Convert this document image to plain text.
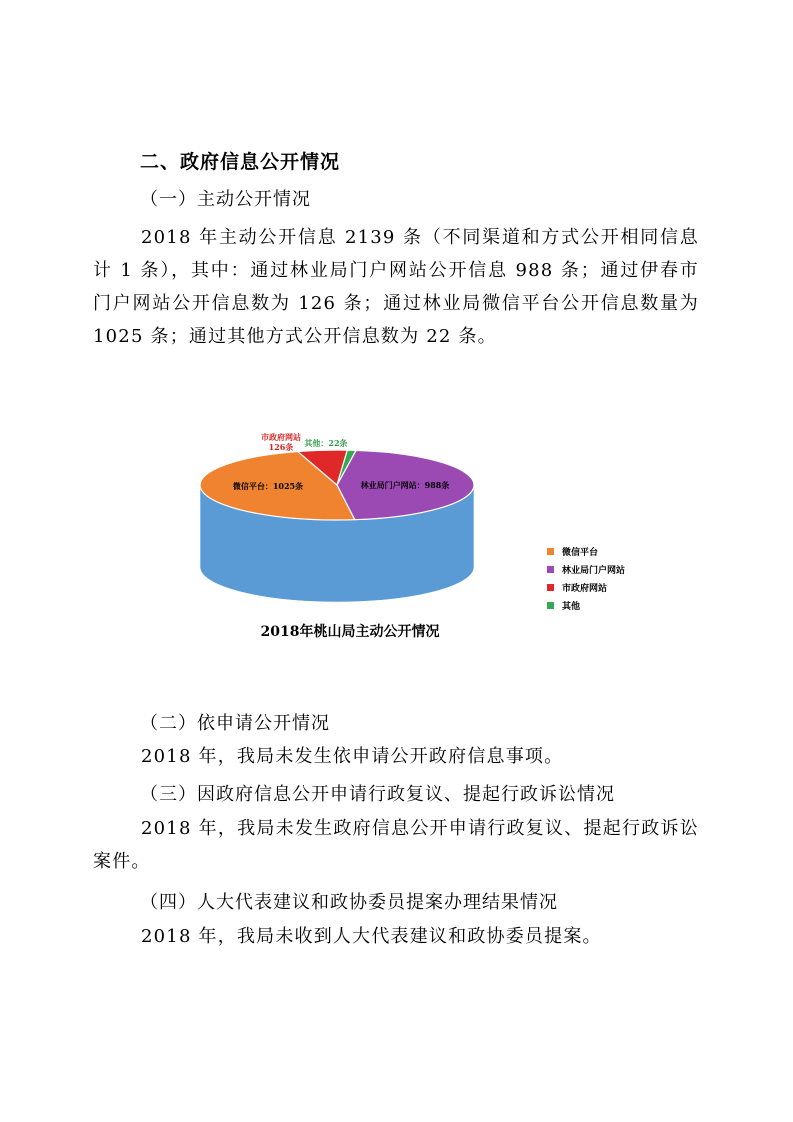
二、政府信息公开情况
（一）主动公开情况

2018 年主动公开信息 2139 条（不同渠道和方式公开相同信息计 1 条），其中：通过林业局门户网站公开信息 988 条；通过伊春市门户网站公开信息数为 126 条；通过林业局微信平台公开信息数量为 1025 条；通过其他方式公开信息数为 22 条。

林业局门户网站：988条
微信平台：1025条
市政府网站
126条 其他：22条
2018年桃山局主动公开情况
微信平台
林业局门户网站
市政府网站
其他
（二）依申请公开情况

2018 年，我局未发生依申请公开政府信息事项。

（三）因政府信息公开申请行政复议、提起行政诉讼情况

2018 年，我局未发生政府信息公开申请行政复议、提起行政诉讼案件。

（四）人大代表建议和政协委员提案办理结果情况

2018 年，我局未收到人大代表建议和政协委员提案。
